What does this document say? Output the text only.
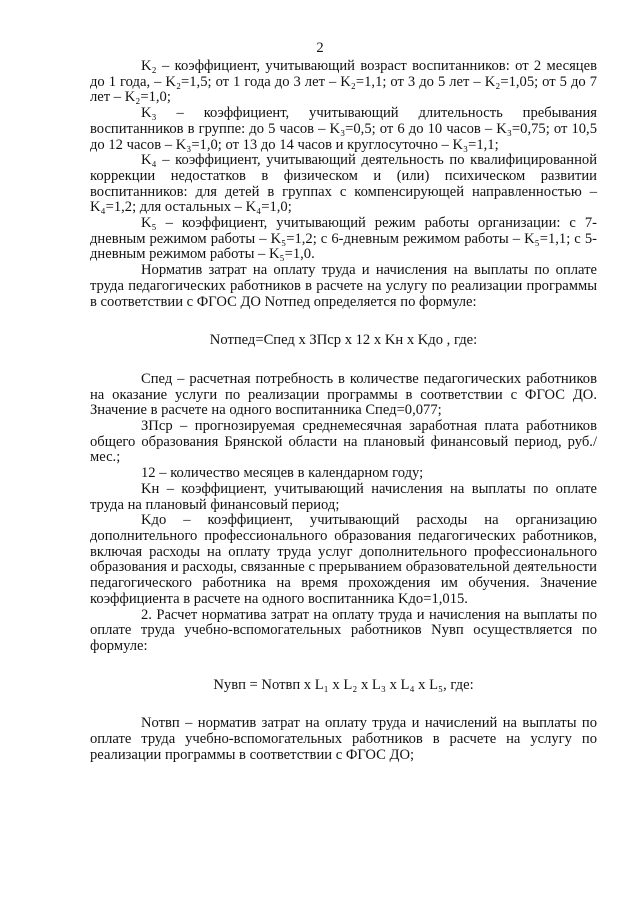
2

K₂ – коэффициент, учитывающий возраст воспитанников: от 2 месяцев до 1 года, – K₂=1,5; от 1 года до 3 лет – K₂=1,1; от 3 до 5 лет – K₂=1,05; от 5 до 7 лет – K₂=1,0;

K₃ – коэффициент, учитывающий длительность пребывания воспитанников в группе: до 5 часов – K₃=0,5; от 6 до 10 часов – K₃=0,75; от 10,5 до 12 часов – K₃=1,0; от 13 до 14 часов и круглосуточно – K₃=1,1;

K₄ – коэффициент, учитывающий деятельность по квалифицированной коррекции недостатков в физическом и (или) психическом развитии воспитанников: для детей в группах с компенсирующей направленностью – K₄=1,2; для остальных – K₄=1,0;

K₅ – коэффициент, учитывающий режим работы организации: с 7-дневным режимом работы – K₅=1,2; с 6-дневным режимом работы – K₅=1,1; с 5-дневным режимом работы – K₅=1,0.

Норматив затрат на оплату труда и начисления на выплаты по оплате труда педагогических работников в расчете на услугу по реализации программы в соответствии с ФГОС ДО Nотпед определяется по формуле:

Nотпед=Cпед x ЗПср x 12 x Kн x Kдо , где:

Cпед – расчетная потребность в количестве педагогических работников на оказание услуги по реализации программы в соответствии с ФГОС ДО. Значение в расчете на одного воспитанника Cпед=0,077;

ЗПср – прогнозируемая среднемесячная заработная плата работников общего образования Брянской области на плановый финансовый период, руб./мес.;

12 – количество месяцев в календарном году;

Kн – коэффициент, учитывающий начисления на выплаты по оплате труда на плановый финансовый период;

Kдо – коэффициент, учитывающий расходы на организацию дополнительного профессионального образования педагогических работников, включая расходы на оплату труда услуг дополнительного профессионального образования и расходы, связанные с прерыванием образовательной деятельности педагогического работника на время прохождения им обучения. Значение коэффициента в расчете на одного воспитанника Kдо=1,015.

2. Расчет норматива затрат на оплату труда и начисления на выплаты по оплате труда учебно-вспомогательных работников Nувп осуществляется по формуле:

Nувп = Nотвп x L₁ x L₂ x L₃ x L₄ x L₅, где:

Nотвп – норматив затрат на оплату труда и начислений на выплаты по оплате труда учебно-вспомогательных работников в расчете на услугу по реализации программы в соответствии с ФГОС ДО;
